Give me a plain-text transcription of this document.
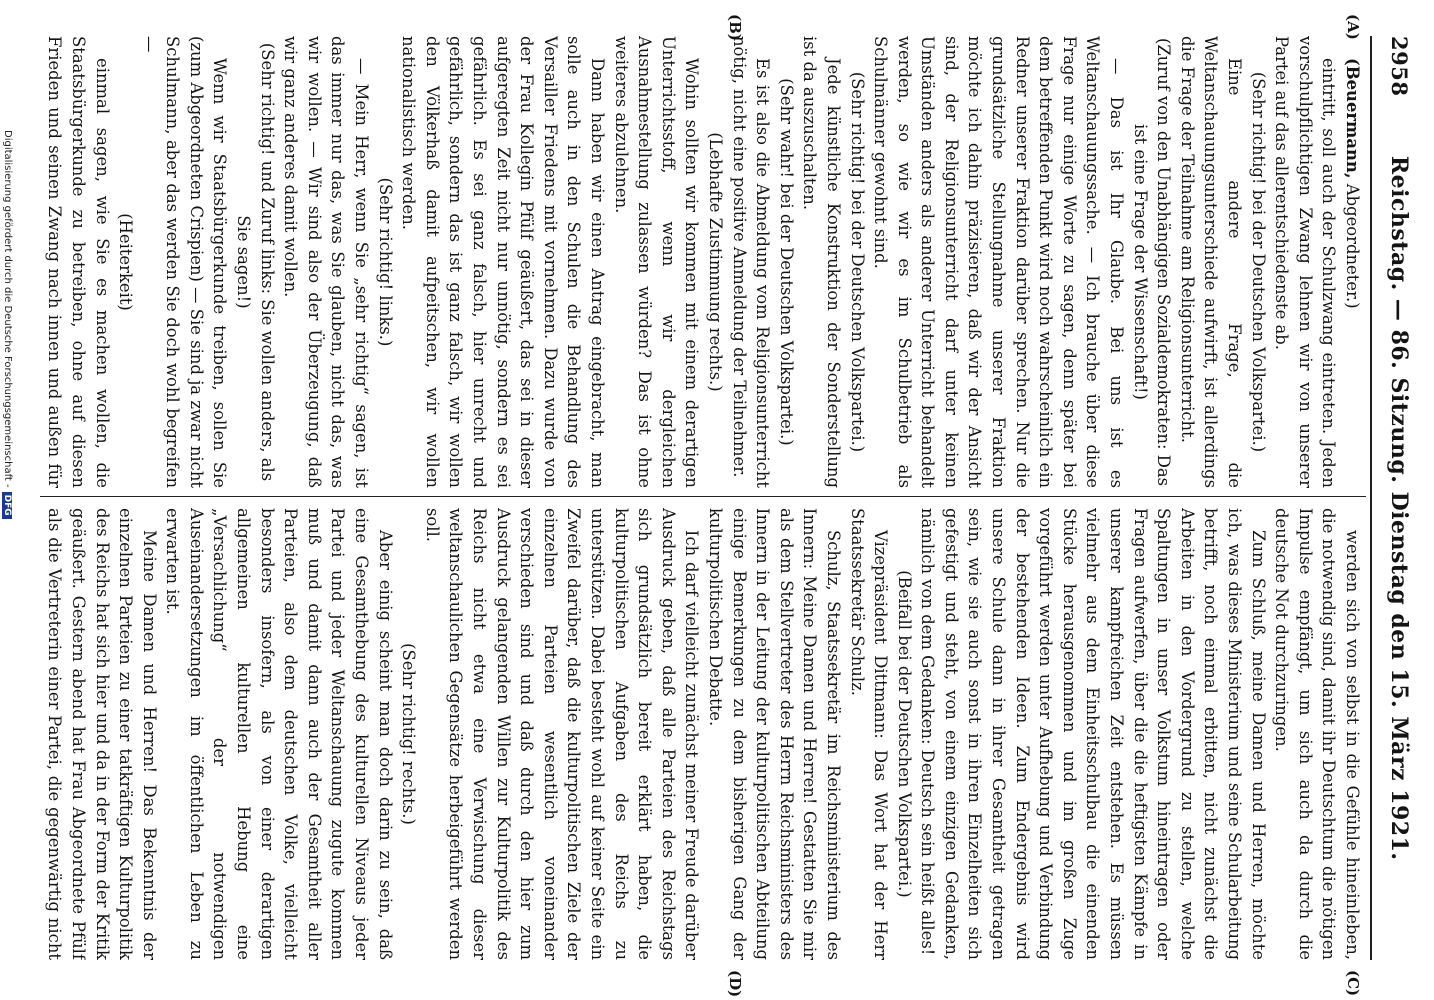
2958
Reichstag. — 86. Sitzung. Dienstag den 15. März 1921.
(A)
(B)
(C)
(D)

(Beuermann, Abgeordneter.)

eintritt, soll auch der Schulzwang eintreten. Jeden vorschulpflichtigen Zwang lehnen wir von unserer Partei auf das allerentschiedenste ab.

(Sehr richtig! bei der Deutschen Volkspartei.)

Eine andere Frage, die Weltanschauungsunterschiede aufwirft, ist allerdings die Frage der Teilnahme am Religionsunterricht.

(Zuruf von den Unabhängigen Sozialdemokraten: Das ist eine Frage der Wissenschaft!)

— Das ist Ihr Glaube. Bei uns ist es Weltanschauungssache. — Ich brauche über diese Frage nur einige Worte zu sagen, denn später bei dem betreffenden Punkt wird noch wahrscheinlich ein Redner unserer Fraktion darüber sprechen. Nur die grundsätzliche Stellungnahme unserer Fraktion möchte ich dahin präzisieren, daß wir der Ansicht sind, der Religionsunterricht darf unter keinen Umständen anders als anderer Unterricht behandelt werden, so wie wir es im Schulbetrieb als Schulmänner gewohnt sind.

(Sehr richtig! bei der Deutschen Volkspartei.)

Jede künstliche Konstruktion der Sonderstellung ist da auszuschalten.

(Sehr wahr! bei der Deutschen Volkspartei.)

Es ist also die Abmeldung vom Religionsunterricht nötig, nicht eine positive Anmeldung der Teilnehmer.

(Lebhafte Zustimmung rechts.)

Wohin sollten wir kommen mit einem derartigen Unterrichtsstoff, wenn wir dergleichen Ausnahmestellung zulassen würden? Das ist ohne weiteres abzulehnen.

Dann haben wir einen Antrag eingebracht, man solle auch in den Schulen die Behandlung des Versailler Friedens mit vornehmen. Dazu wurde von der Frau Kollegin Pfülf geäußert, das sei in dieser aufgeregten Zeit nicht nur unnötig, sondern es sei gefährlich. Es sei ganz falsch, hier unrecht und gefährlich, sondern das ist ganz falsch, wir wollen den Völkerhaß damit aufpeitschen, wir wollen nationalistisch werden.

(Sehr richtig! links.)

— Mein Herr, wenn Sie „sehr richtig“ sagen, ist das immer nur das, was Sie glauben, nicht das, was wir wollen. — Wir sind also der Überzeugung, daß wir ganz anderes damit wollen.

(Sehr richtig! und Zuruf links: Sie wollen anders, als Sie sagen!)

Wenn wir Staatsbürgerkunde treiben, sollen Sie (zum Abgeordneten Crispien) — Sie sind ja zwar nicht Schulmann, aber das werden Sie doch wohl begreifen —

(Heiterkeit)

einmal sagen, wie Sie es machen wollen, die Staatsbürgerkunde zu betreiben, ohne auf diesen Frieden und seinen Zwang nach innen und außen für

werden sich von selbst in die Gefühle hineinleben, die notwendig sind, damit ihr Deutschtum die nötigen Impulse empfängt, um sich auch da durch die deutsche Not durchzuringen.

Zum Schluß, meine Damen und Herren, möchte ich, was dieses Ministerium und seine Schularbeitung betrifft, noch einmal erbitten, nicht zunächst die Arbeiten in den Vordergrund zu stellen, welche Spaltungen in unser Volkstum hineintragen oder Fragen aufwerfen, über die die heftigsten Kämpfe in unserer kampfreichen Zeit entstehen. Es müssen vielmehr aus dem Einheitsschulbau die einenden Stücke herausgenommen und im großen Zuge vorgeführt werden unter Aufhebung und Verbindung der bestehenden Ideen. Zum Endergebnis wird unsere Schule dann in ihrer Gesamtheit getragen sein, wie sie auch sonst in ihren Einzelheiten sich gefestigt und steht, von einem einzigen Gedanken, nämlich von dem Gedanken: Deutsch sein heißt alles!

(Beifall bei der Deutschen Volkspartei.)

Vizepräsident Dittmann: Das Wort hat der Herr Staatssekretär Schulz.

Schulz, Staatssekretär im Reichsministerium des Innern: Meine Damen und Herren! Gestatten Sie mir als dem Stellvertreter des Herrn Reichsministers des Innern in der Leitung der kulturpolitischen Abteilung einige Bemerkungen zu dem bisherigen Gang der kulturpolitischen Debatte.

Ich darf vielleicht zunächst meiner Freude darüber Ausdruck geben, daß alle Parteien des Reichstags sich grundsätzlich bereit erklärt haben, die kulturpolitischen Aufgaben des Reichs zu unterstützen. Dabei besteht wohl auf keiner Seite ein Zweifel darüber, daß die kulturpolitischen Ziele der einzelnen Parteien wesentlich voneinander verschieden sind und daß durch den hier zum Ausdruck gelangenden Willen zur Kulturpolitik des Reichs nicht etwa eine Verwischung dieser weltanschaulichen Gegensätze herbeigeführt werden soll.

(Sehr richtig! rechts.)

Aber einig scheint man doch darin zu sein, daß eine Gesamthebung des kulturellen Niveaus jeder Partei und jeder Weltanschauung zugute kommen muß und damit dann auch der Gesamtheit aller Parteien, also dem deutschen Volke, vielleicht besonders insofern, als von einer derartigen allgemeinen kulturellen Hebung eine „Versachlichung“ der notwendigen Auseinandersetzungen im öffentlichen Leben zu erwarten ist.

Meine Damen und Herren! Das Bekenntnis der einzelnen Parteien zu einer tatkräftigen Kulturpolitik des Reichs hat sich hier und da in der Form der Kritik geäußert. Gestern abend hat Frau Abgeordnete Pfülf als die Vertreterin einer Partei, die gegenwärtig nicht

Digitalisierung gefördert durch die Deutsche Forschungsgemeinschaft -DFG
